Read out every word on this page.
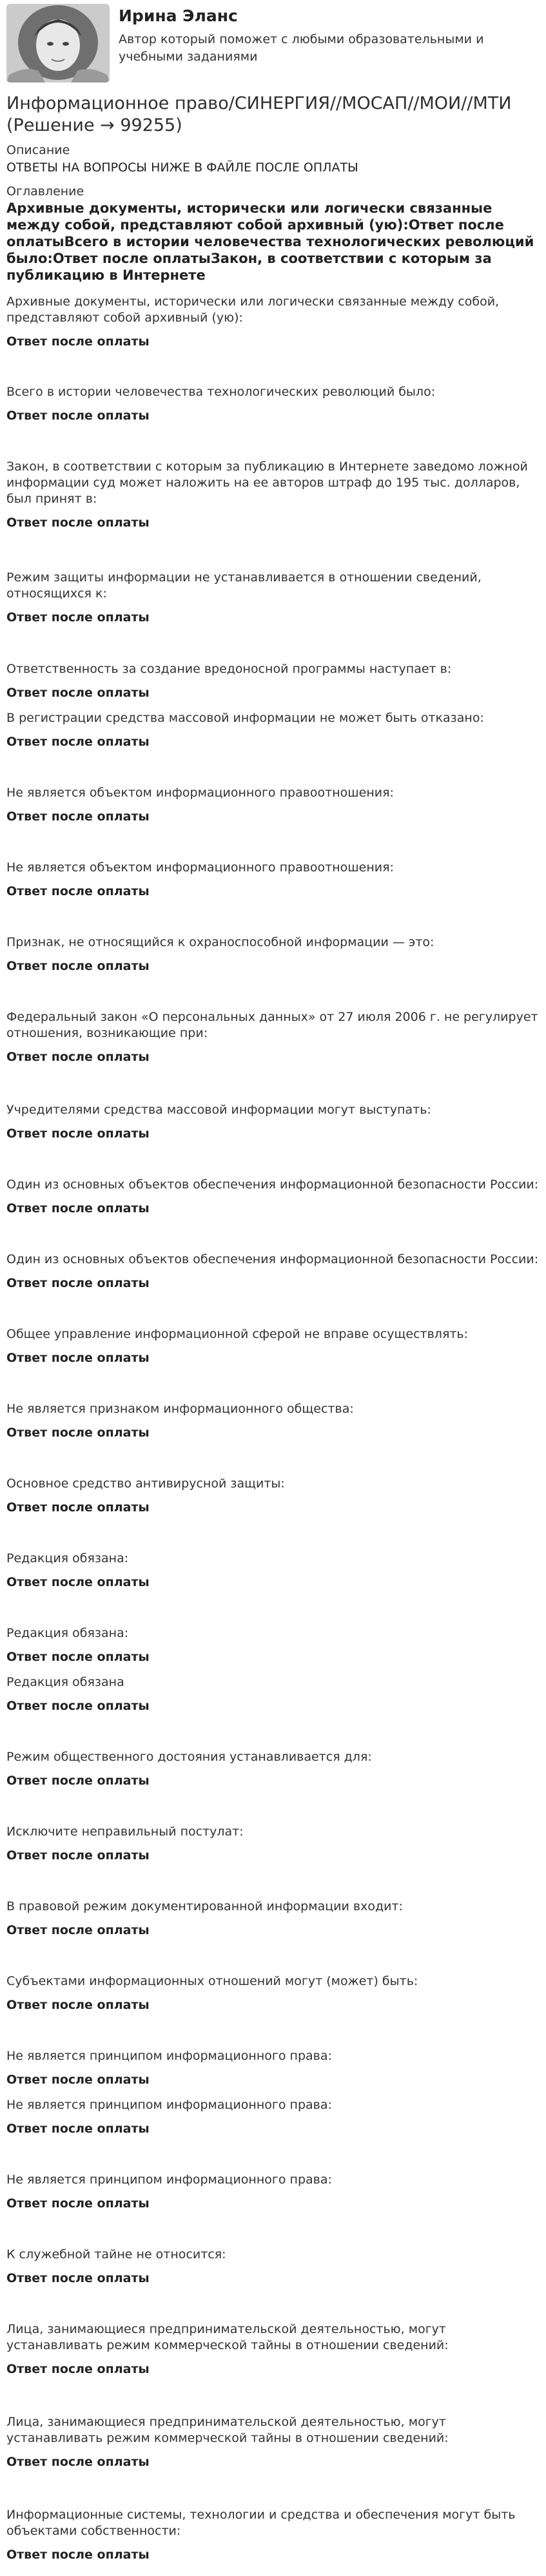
Ирина Эланс
Автор который поможет с любыми образовательными и учебными заданиями
Информационное право/СИНЕРГИЯ//МОСАП//МОИ//МТИ (Решение → 99255)
Описание
ОТВЕТЫ НА ВОПРОСЫ НИЖЕ В ФАЙЛЕ ПОСЛЕ ОПЛАТЫ
Оглавление
Архивные документы, исторически или логически связанные между собой, представляют собой архивный (ую):Ответ после оплатыВсего в истории человечества технологических революций было:Ответ после оплатыЗакон, в соответствии с которым за публикацию в Интернете

Архивные документы, исторически или логически связанные между собой, представляют собой архивный (ую):

Ответ после оплаты

Всего в истории человечества технологических революций было:

Ответ после оплаты

Закон, в соответствии с которым за публикацию в Интернете заведомо ложной информации суд может наложить на ее авторов штраф до 195 тыс. долларов, был принят в:

Ответ после оплаты

Режим защиты информации не устанавливается в отношении сведений, относящихся к:

Ответ после оплаты

Ответственность за создание вредоносной программы наступает в:

Ответ после оплаты

В регистрации средства массовой информации не может быть отказано:

Ответ после оплаты

Не является объектом информационного правоотношения:

Ответ после оплаты

Не является объектом информационного правоотношения:

Ответ после оплаты

Признак, не относящийся к охраноспособной информации — это:

Ответ после оплаты

Федеральный закон «О персональных данных» от 27 июля 2006 г. не регулирует отношения, возникающие при:

Ответ после оплаты

Учредителями средства массовой информации могут выступать:

Ответ после оплаты

Один из основных объектов обеспечения информационной безопасности России:

Ответ после оплаты

Один из основных объектов обеспечения информационной безопасности России:

Ответ после оплаты

Общее управление информационной сферой не вправе осуществлять:

Ответ после оплаты

Не является признаком информационного общества:

Ответ после оплаты

Основное средство антивирусной защиты:

Ответ после оплаты

Редакция обязана:

Ответ после оплаты

Редакция обязана:

Ответ после оплаты

Редакция обязана

Ответ после оплаты

Режим общественного достояния устанавливается для:

Ответ после оплаты

Исключите неправильный постулат:

Ответ после оплаты

В правовой режим документированной информации входит:

Ответ после оплаты

Субъектами информационных отношений могут (может) быть:

Ответ после оплаты

Не является принципом информационного права:

Ответ после оплаты

Не является принципом информационного права:

Ответ после оплаты

Не является принципом информационного права:

Ответ после оплаты

К служебной тайне не относится:

Ответ после оплаты

Лица, занимающиеся предпринимательской деятельностью, могут устанавливать режим коммерческой тайны в отношении сведений:

Ответ после оплаты

Лица, занимающиеся предпринимательской деятельностью, могут устанавливать режим коммерческой тайны в отношении сведений:

Ответ после оплаты

Информационные системы, технологии и средства и обеспечения могут быть объектами собственности:

Ответ после оплаты
